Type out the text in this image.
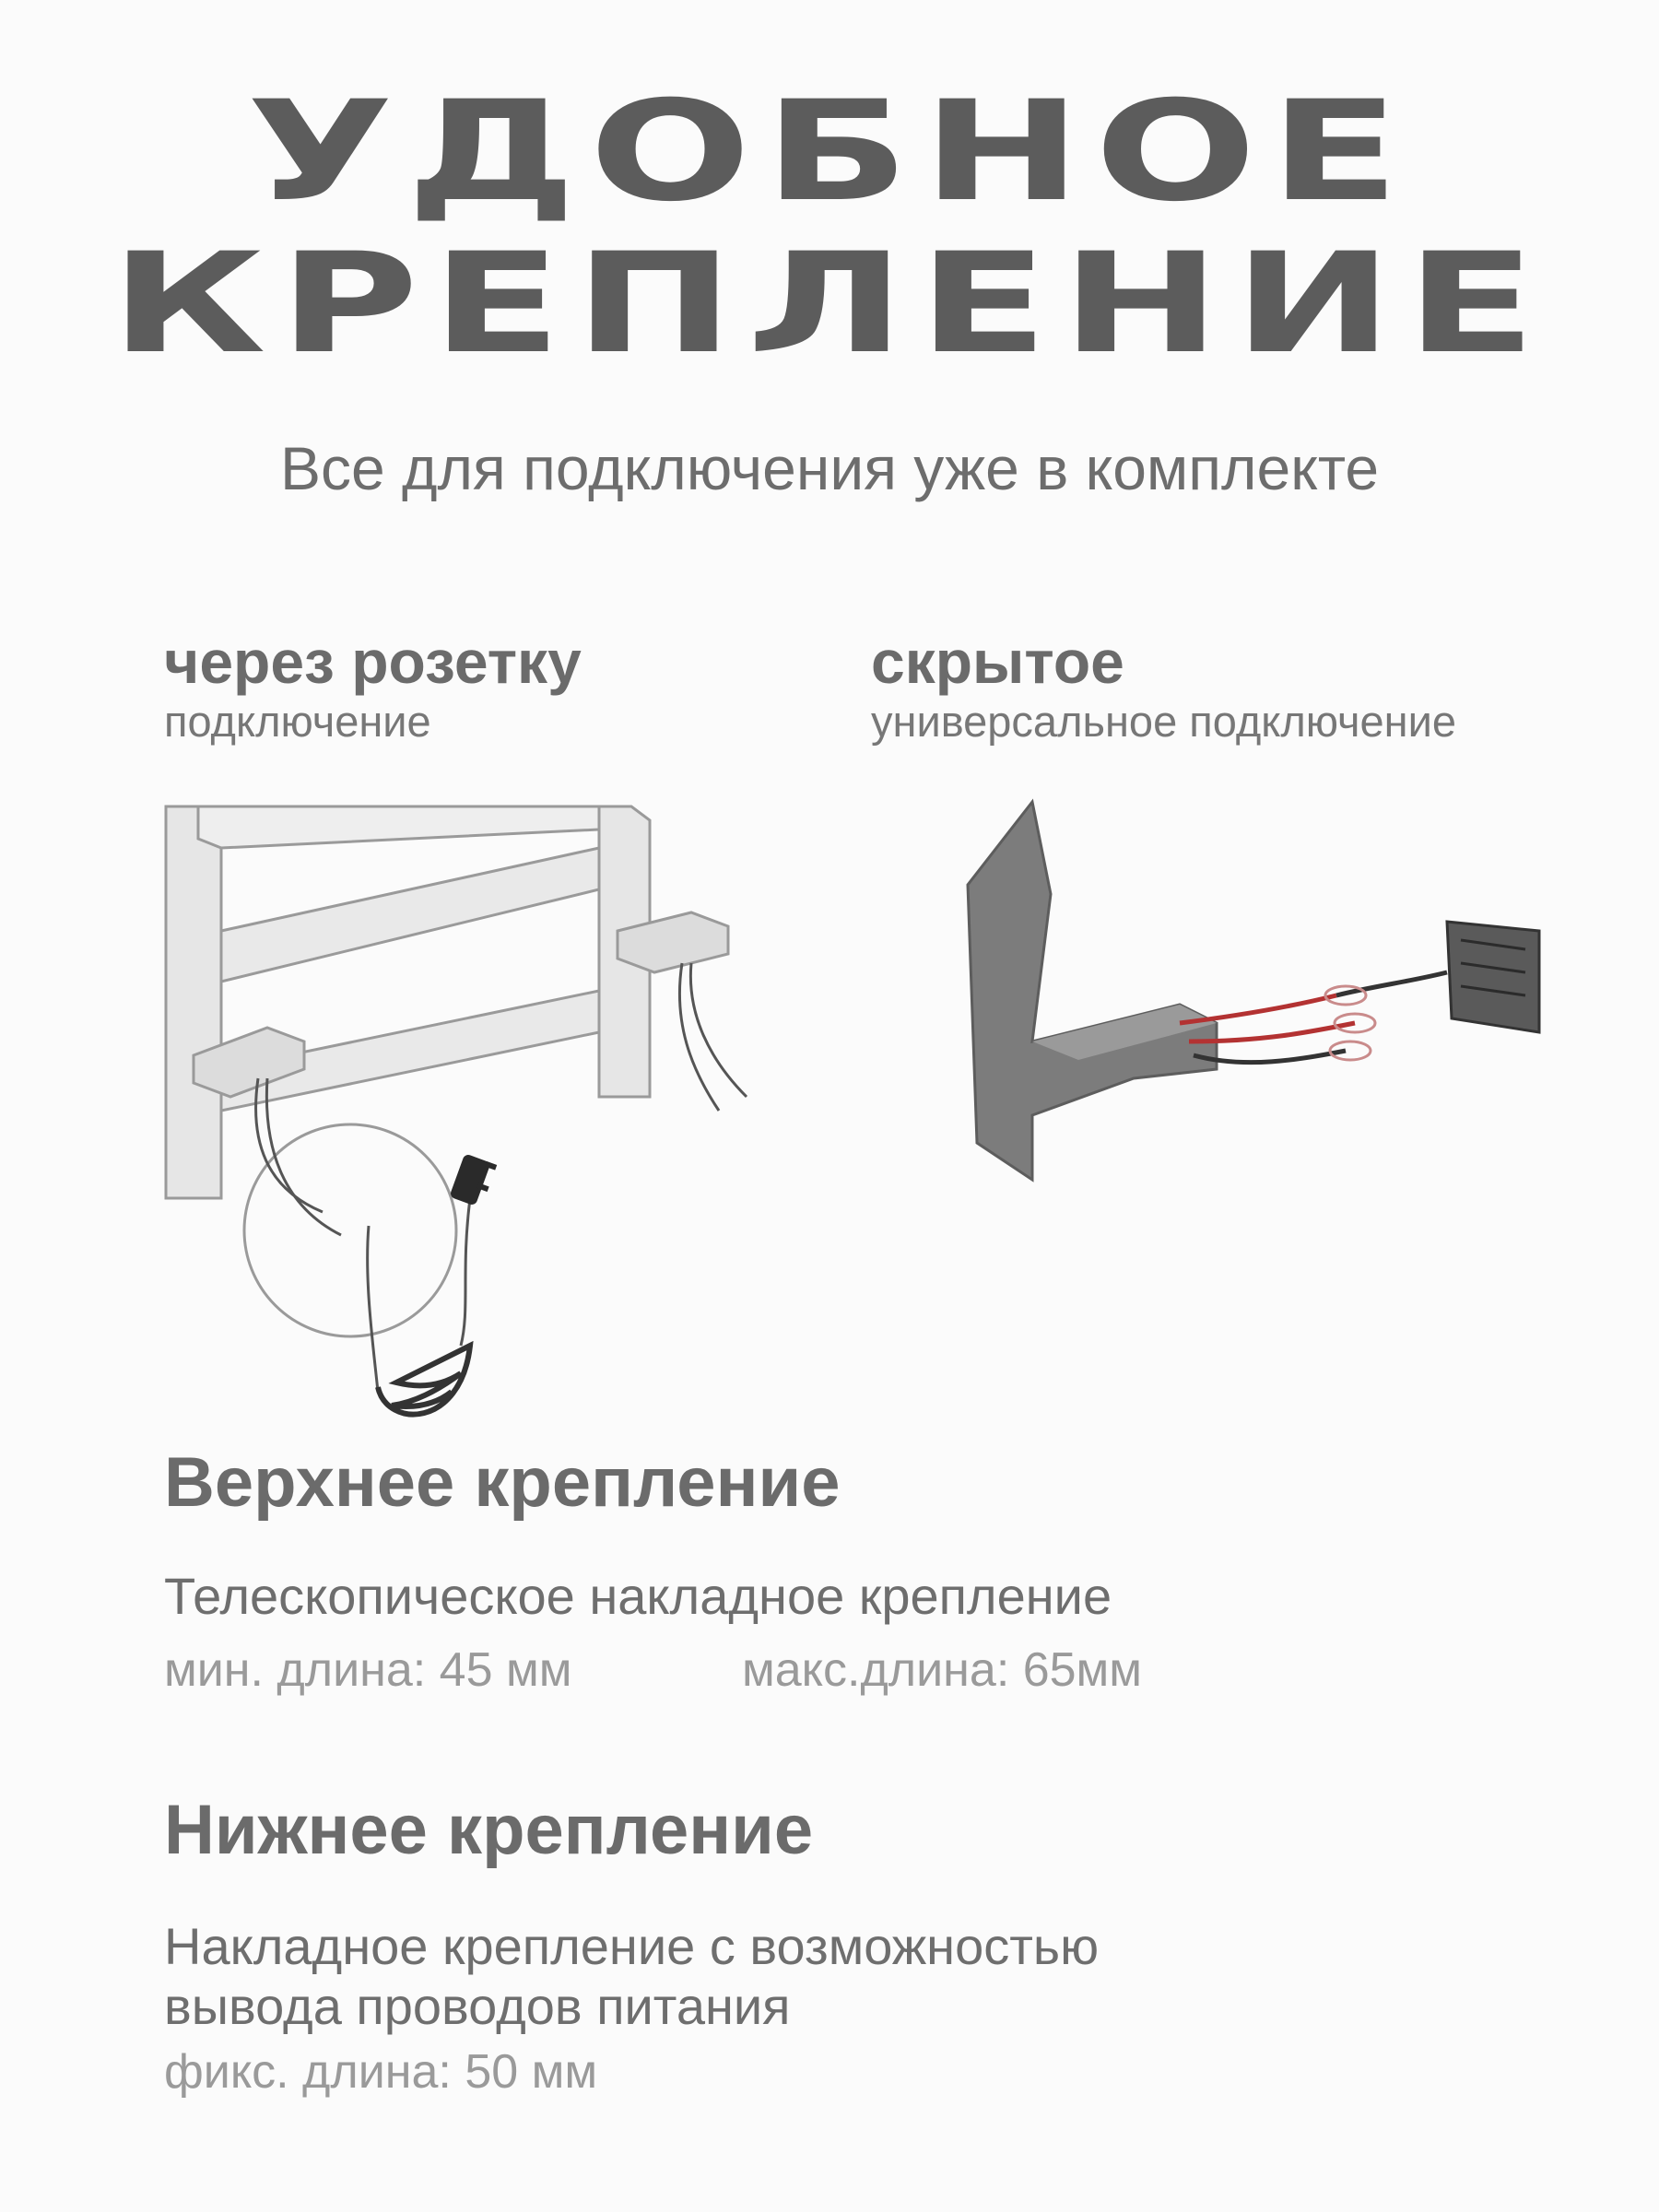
УДОБНОЕ
КРЕПЛЕНИЕ

Все для подключения уже в комплекте

через розетку

подключение

скрытое

универсальное подключение

Верхнее крепление

Телескопическое накладное крепление

мин. длина: 45 мм	макс.длина: 65мм

Нижнее крепление

Накладное крепление с возможностью

вывода проводов питания

фикс. длина: 50 мм
